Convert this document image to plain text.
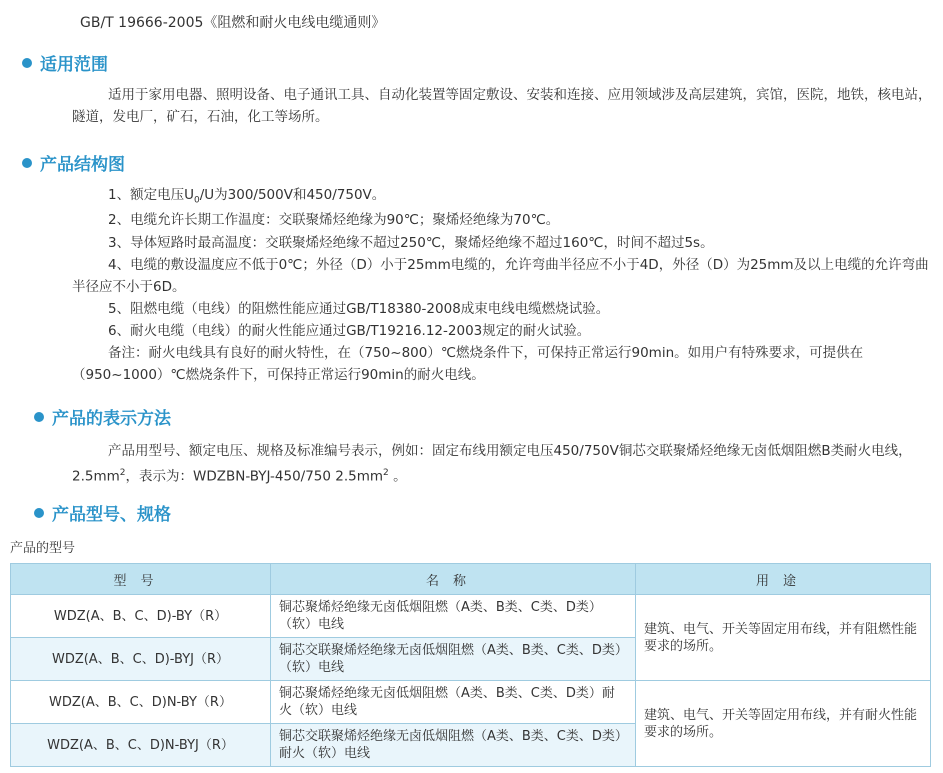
GB/T 19666-2005《阻燃和耐火电线电缆通则》
适用范围
适用于家用电器、照明设备、电子通讯工具、自动化装置等固定敷设、安装和连接、应用领域涉及高层建筑，宾馆，医院，地铁，核电站，隧道，发电厂，矿石，石油，化工等场所。
产品结构图
1、额定电压$U_0/U$为300/500V和450/750V。
2、电缆允许长期工作温度：交联聚烯烃绝缘为90℃；聚烯烃绝缘为70℃。
3、导体短路时最高温度：交联聚烯烃绝缘不超过250℃，聚烯烃绝缘不超过160℃，时间不超过5s。
4、电缆的敷设温度应不低于0℃；外径（D）小于25mm电缆的，允许弯曲半径应不小于4D，外径（D）为25mm及以上电缆的允许弯曲半径应不小于6D。
5、阻燃电缆（电线）的阻燃性能应通过GB/T18380-2008成束电线电缆燃烧试验。
6、耐火电缆（电线）的耐火性能应通过GB/T19216.12-2003规定的耐火试验。
备注：耐火电线具有良好的耐火特性，在（750~800）℃燃烧条件下，可保持正常运行90min。如用户有特殊要求，可提供在（950~1000）℃燃烧条件下，可保持正常运行90min的耐火电线。
产品的表示方法
产品用型号、额定电压、规格及标准编号表示，例如：固定布线用额定电压450/750V铜芯交联聚烯烃绝缘无卤低烟阻燃B类耐火电线，$2.5mm^2$，表示为：WDZBN-BYJ-450/750 $2.5mm^2$ 。
产品型号、规格
产品的型号
型号	名称	用途
WDZ(A、B、C、D)-BY（R）	铜芯聚烯烃绝缘无卤低烟阻燃（A类、B类、C类、D类）（软）电线	建筑、电气、开关等固定用布线，并有阻燃性能要求的场所。
WDZ(A、B、C、D)-BYJ（R）	铜芯交联聚烯烃绝缘无卤低烟阻燃（A类、B类、C类、D类）（软）电线	
WDZ(A、B、C、D)N-BY（R）	铜芯聚烯烃绝缘无卤低烟阻燃（A类、B类、C类、D类）耐火（软）电线	建筑、电气、开关等固定用布线，并有耐火性能要求的场所。
WDZ(A、B、C、D)N-BYJ（R）	铜芯交联聚烯烃绝缘无卤低烟阻燃（A类、B类、C类、D类）耐火（软）电线	
